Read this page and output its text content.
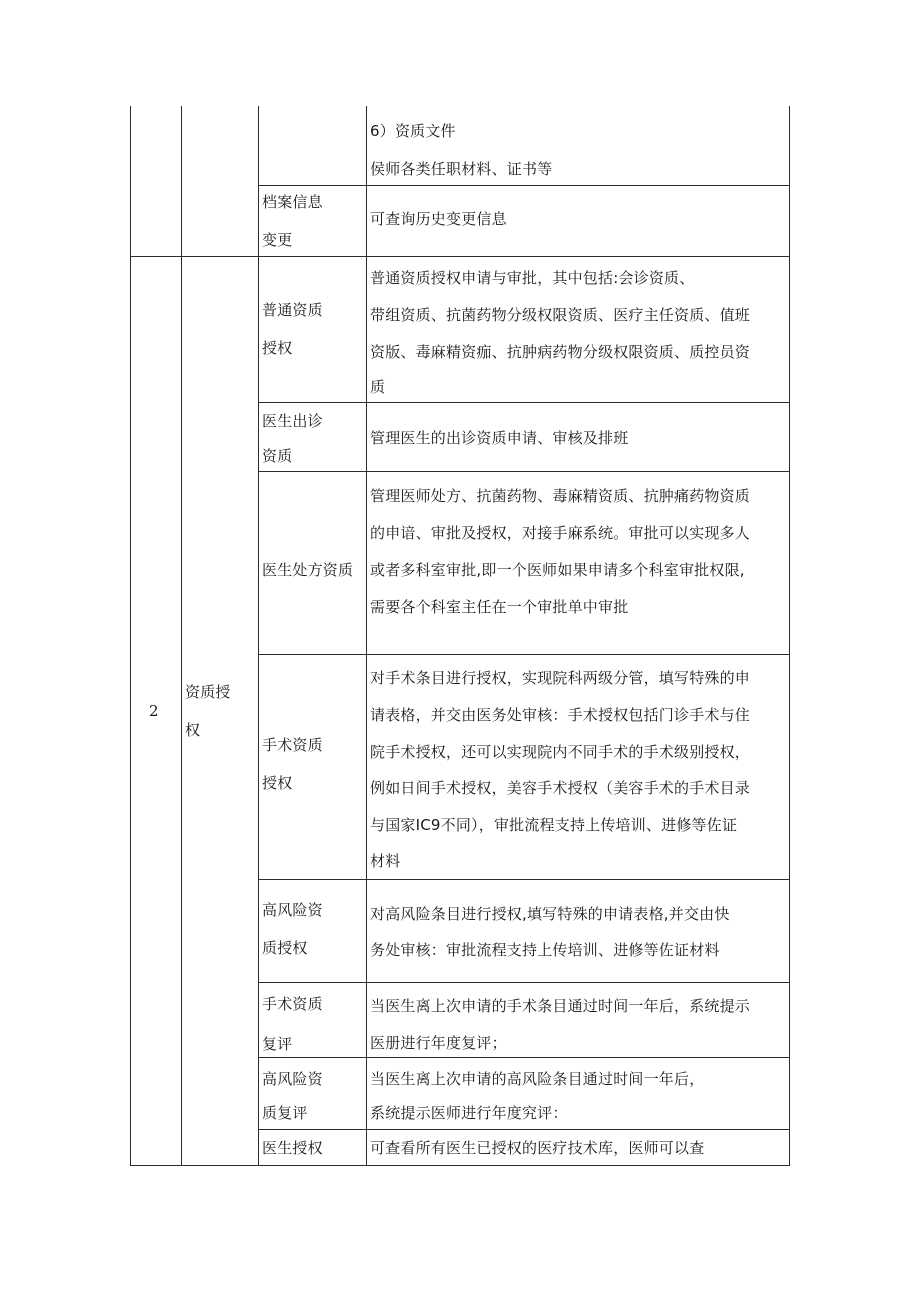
2
资质授
权
6）资质文件
侯师各类任职材料、证书等
档案信息
变更
可查询历史变更信息
普通资质
授权
普通资质授权申请与审批，其中包括:会诊资质、
带组资质、抗菌药物分级权限资质、医疗主任资质、值班
资版、毒麻精资痂、抗肿病药物分级权限资质、质控员资
质
医生出诊
资质
管理医生的出诊资质申请、审核及排班
医生处方资质
管理医师处方、抗菌药物、毒麻精资质、抗肿痛药物资质
的申谙、审批及授权，对接手麻系统。审批可以实现多人
或者多科室审批,即一个医师如果申请多个科室审批权限,
需要各个科室主任在一个审批单中审批
手术资质
授权
对手术条目进行授权，实现院科两级分管，填写特殊的申
请表格，并交由医务处审核：手术授权包括门诊手术与住
院手术授权，还可以实现院内不同手术的手术级别授权，
例如日间手术授权，美容手术授权（美容手术的手术目录
与国家IC9不同），审批流程支持上传培训、进修等佐证
材料
高风险资
质授权
对高风险条目进行授权,填写特殊的申请表格,并交由快
务处审核：审批流程支持上传培训、进修等佐证材料
手术资质
复评
当医生离上次申请的手术条目通过时间一年后，系统提示
医册进行年度复评；
高风险资
质复评
当医生离上次申请的高风险条目通过时间一年后，
系统提示医师进行年度究评：
医生授权	可查看所有医生已授权的医疗技术库，医师可以查
